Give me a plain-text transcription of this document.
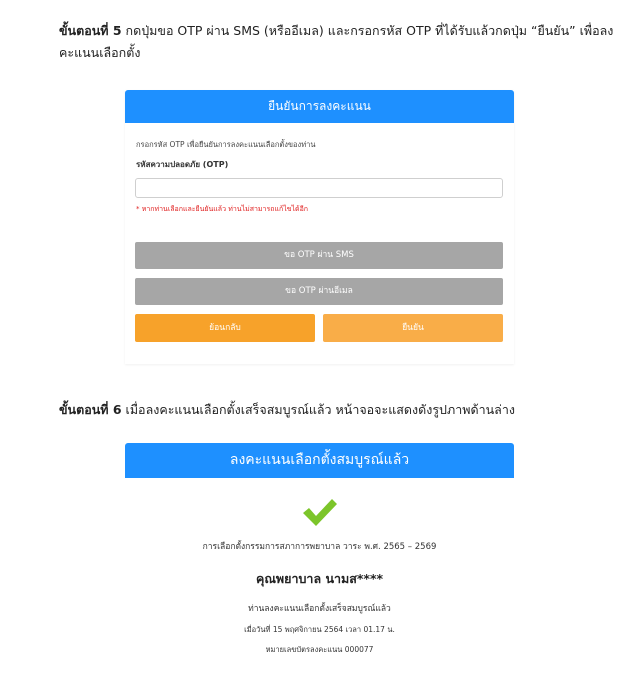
ขั้นตอนที่ 5 กดปุ่มขอ OTP ผ่าน SMS (หรืออีเมล) และกรอกรหัส OTP ที่ได้รับแล้วกดปุ่ม “ยืนยัน” เพื่อลงคะแนนเลือกตั้ง
ยืนยันการลงคะแนน
กรอกรหัส OTP เพื่อยืนยันการลงคะแนนเลือกตั้งของท่าน
รหัสความปลอดภัย (OTP)
* หากท่านเลือกและยืนยันแล้ว ท่านไม่สามารถแก้ไขได้อีก
ขอ OTP ผ่าน SMS
ขอ OTP ผ่านอีเมล
ย้อนกลับ	ยืนยัน
ขั้นตอนที่ 6 เมื่อลงคะแนนเลือกตั้งเสร็จสมบูรณ์แล้ว หน้าจอจะแสดงดังรูปภาพด้านล่าง
ลงคะแนนเลือกตั้งสมบูรณ์แล้ว
การเลือกตั้งกรรมการสภาการพยาบาล วาระ พ.ศ. 2565 – 2569
คุณพยาบาล นามส****
ท่านลงคะแนนเลือกตั้งเสร็จสมบูรณ์แล้ว
เมื่อวันที่ 15 พฤศจิกายน 2564 เวลา 01.17 น.
หมายเลขบัตรลงคะแนน 000077
